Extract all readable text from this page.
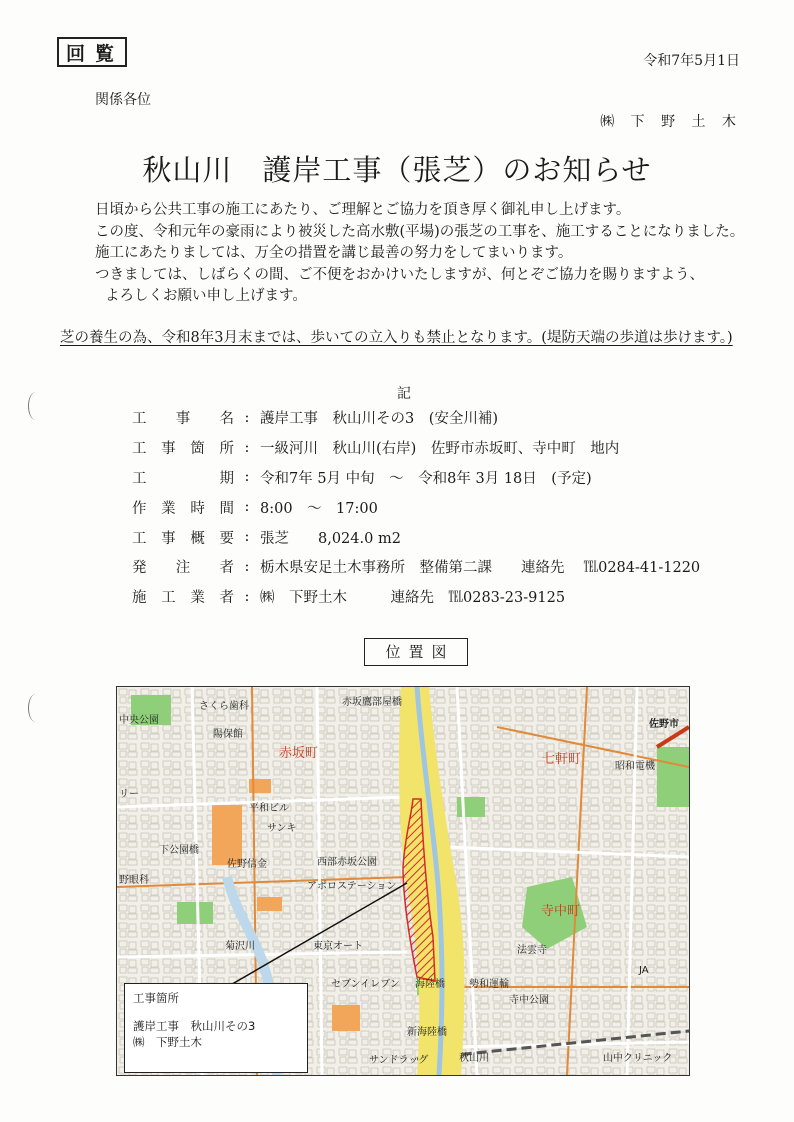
回覧	令和7年5月1日
関係各位
㈱ 下 野 土 木
秋山川　護岸工事（張芝）のお知らせ

日頃から公共工事の施工にあたり、ご理解とご協力を頂き厚く御礼申し上げます。

この度、令和元年の豪雨により被災した高水敷(平場)の張芝の工事を、施工することになりました。

施工にあたりましては、万全の措置を講じ最善の努力をしてまいります。

つきましては、しばらくの間、ご不便をおかけいたしますが、何とぞご協力を賜りますよう、

よろしくお願い申し上げます。

芝の養生の為、令和8年3月末までは、歩いての立入りも禁止となります。(堤防天端の歩道は歩けます。)
記
工事名 : 護岸工事　秋山川その3　(安全川補)
工事箇所 : 一級河川　秋山川(右岸)　佐野市赤坂町、寺中町　地内
工期 : 令和7年 5月 中旬　～　令和8年 3月 18日　(予定)
作業時間 : 8:00　～　17:00
工事概要 : 張芝　　8,024.0 m2
発注者 : 栃木県安足土木事務所　整備第二課　　連絡先　 ℡0284-41-1220
施工業者 : ㈱　下野土木　　　連絡先　℡0283-23-9125
位置図
赤坂鷹部屋橋
さくら歯科
中央公園
赤坂町	七軒町
佐野市
昭和電機
陽保館
リー
平和ビル
サンキ
下公園橋
佐野信金	西部赤坂公園
アポロステーション
野眼科
寺中町
菊沢川	東京オート	法雲寺
セブンイレブン 海陸橋 勢和運輸
寺中公園
JA
新海陸橋
サンドラッグ	秋山川	山中クリニック
工事箇所
護岸工事　秋山川その3
㈱　下野土木
